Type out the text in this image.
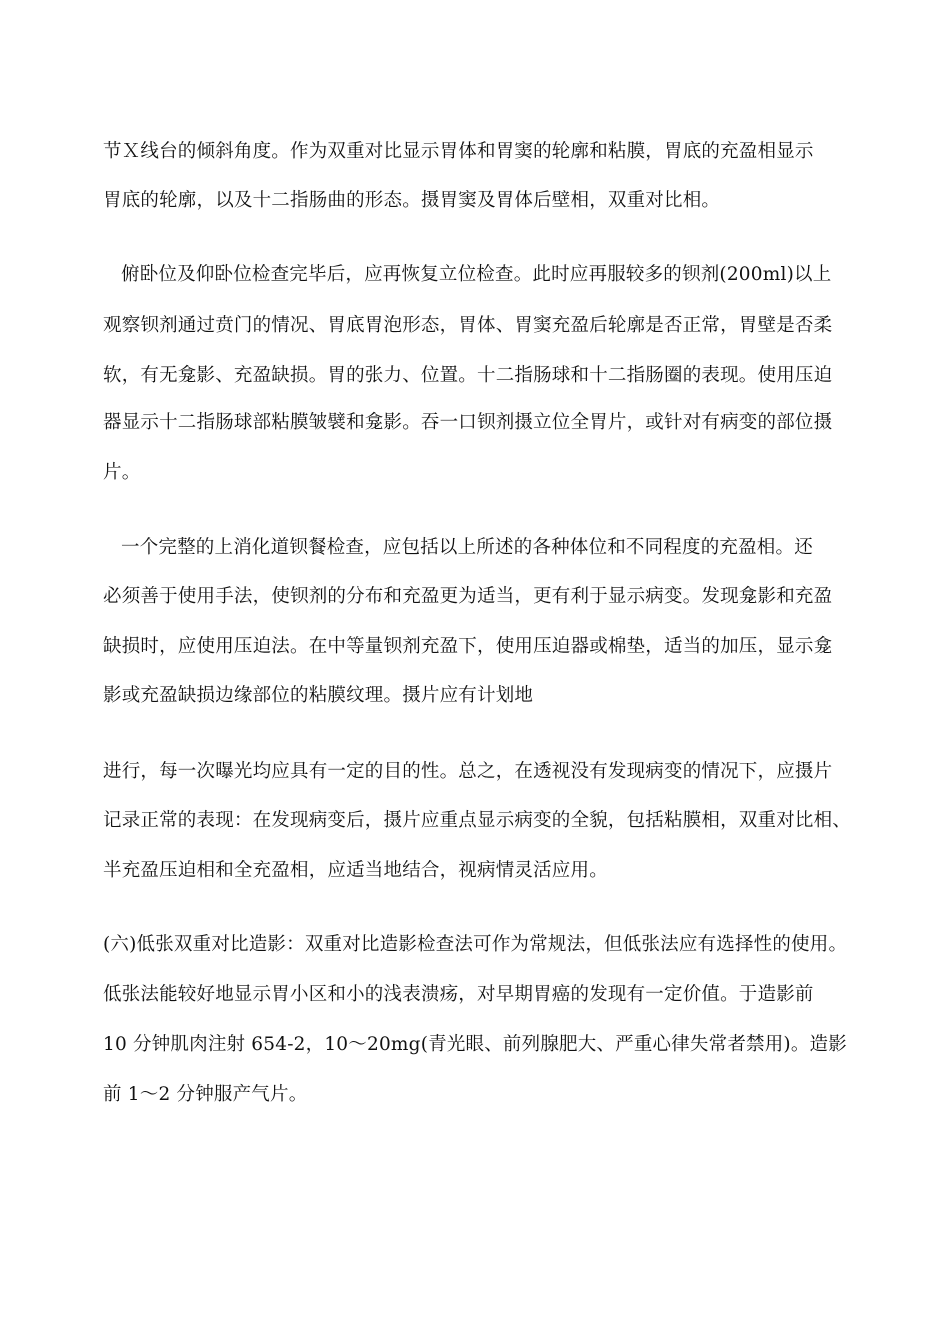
节Ｘ线台的倾斜角度。作为双重对比显示胃体和胃窦的轮廓和粘膜，胃底的充盈相显示
胃底的轮廓，以及十二指肠曲的形态。摄胃窦及胃体后壁相，双重对比相。
俯卧位及仰卧位检查完毕后，应再恢复立位检查。此时应再服较多的钡剂(200ml)以上
观察钡剂通过贲门的情况、胃底胃泡形态，胃体、胃窦充盈后轮廓是否正常，胃壁是否柔
软，有无龛影、充盈缺损。胃的张力、位置。十二指肠球和十二指肠圈的表现。使用压迫
器显示十二指肠球部粘膜皱襞和龛影。吞一口钡剂摄立位全胃片，或针对有病变的部位摄
片。
一个完整的上消化道钡餐检查，应包括以上所述的各种体位和不同程度的充盈相。还
必须善于使用手法，使钡剂的分布和充盈更为适当，更有利于显示病变。发现龛影和充盈
缺损时，应使用压迫法。在中等量钡剂充盈下，使用压迫器或棉垫，适当的加压，显示龛
影或充盈缺损边缘部位的粘膜纹理。摄片应有计划地
进行，每一次曝光均应具有一定的目的性。总之，在透视没有发现病变的情况下，应摄片
记录正常的表现：在发现病变后，摄片应重点显示病变的全貌，包括粘膜相，双重对比相、
半充盈压迫相和全充盈相，应适当地结合，视病情灵活应用。
(六)低张双重对比造影：双重对比造影检查法可作为常规法，但低张法应有选择性的使用。
低张法能较好地显示胃小区和小的浅表溃疡，对早期胃癌的发现有一定价值。于造影前
10 分钟肌肉注射 654-2，10～20mg(青光眼、前列腺肥大、严重心律失常者禁用)。造影
前 1～2 分钟服产气片。
